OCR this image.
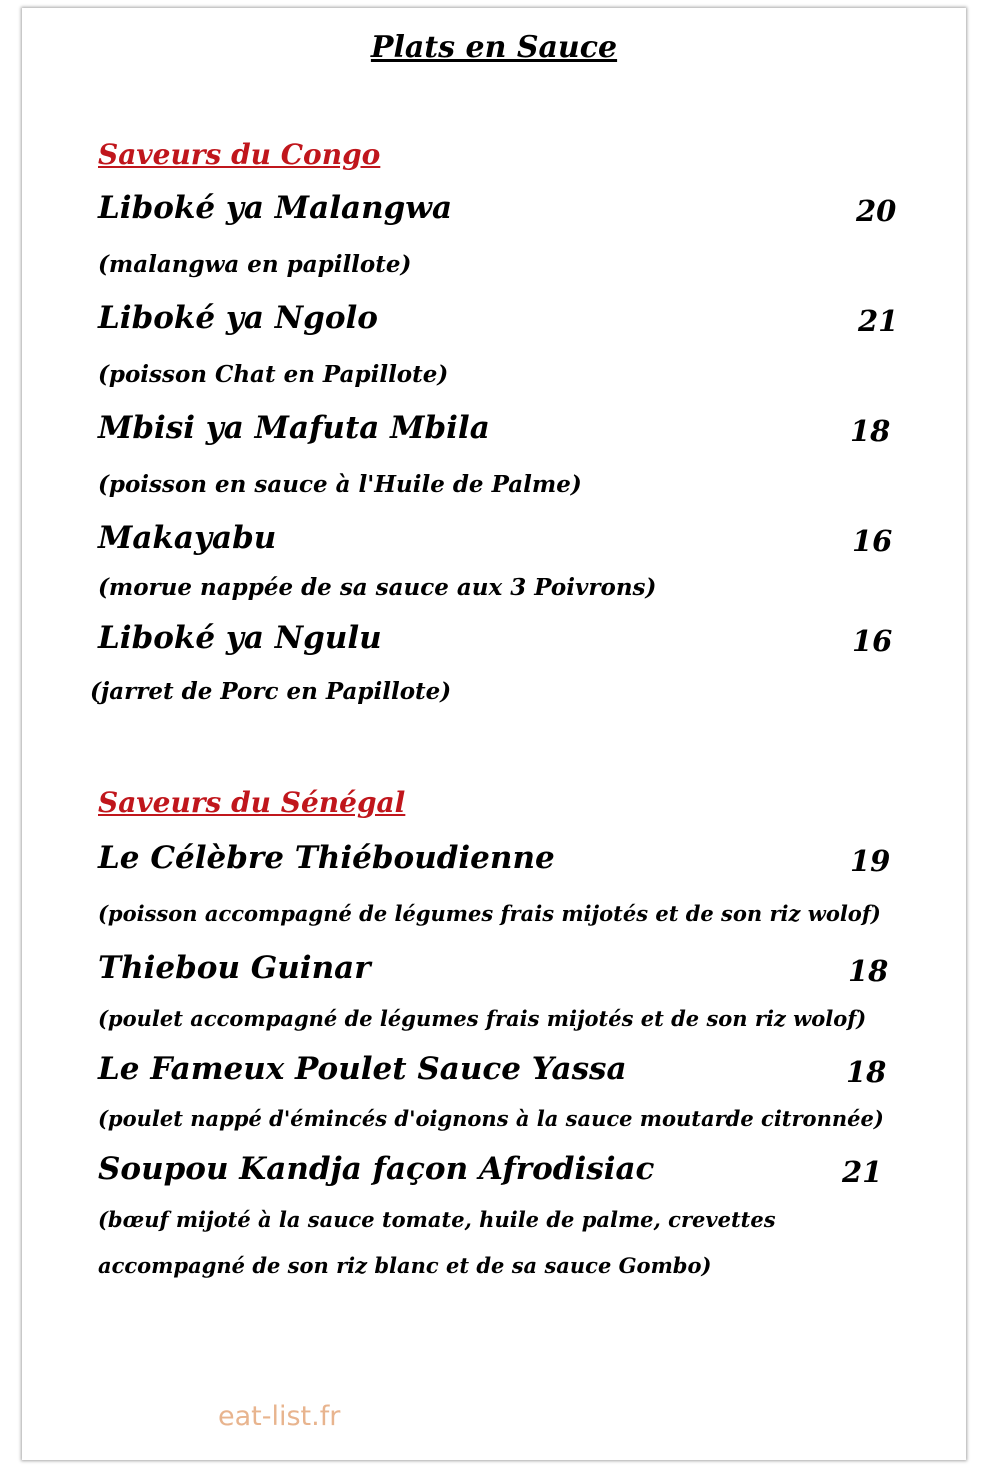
Plats en Sauce
Saveurs du Congo
Liboké ya Malangwa	20
(malangwa en papillote)
Liboké ya Ngolo	21
(poisson Chat en Papillote)
Mbisi ya Mafuta Mbila	18
(poisson en sauce à l'Huile de Palme)
Makayabu	16
(morue nappée de sa sauce aux 3 Poivrons)
Liboké ya Ngulu	16
(jarret de Porc en Papillote)
Saveurs du Sénégal
Le Célèbre Thiéboudienne	19
(poisson accompagné de légumes frais mijotés et de son riz wolof)
Thiebou Guinar	18
(poulet accompagné de légumes frais mijotés et de son riz wolof)
Le Fameux Poulet Sauce Yassa	18
(poulet nappé d'émincés d'oignons à la sauce moutarde citronnée)
Soupou Kandja façon Afrodisiac	21
(bœuf mijoté à la sauce tomate, huile de palme, crevettes
accompagné de son riz blanc et de sa sauce Gombo)
eat-list.fr
